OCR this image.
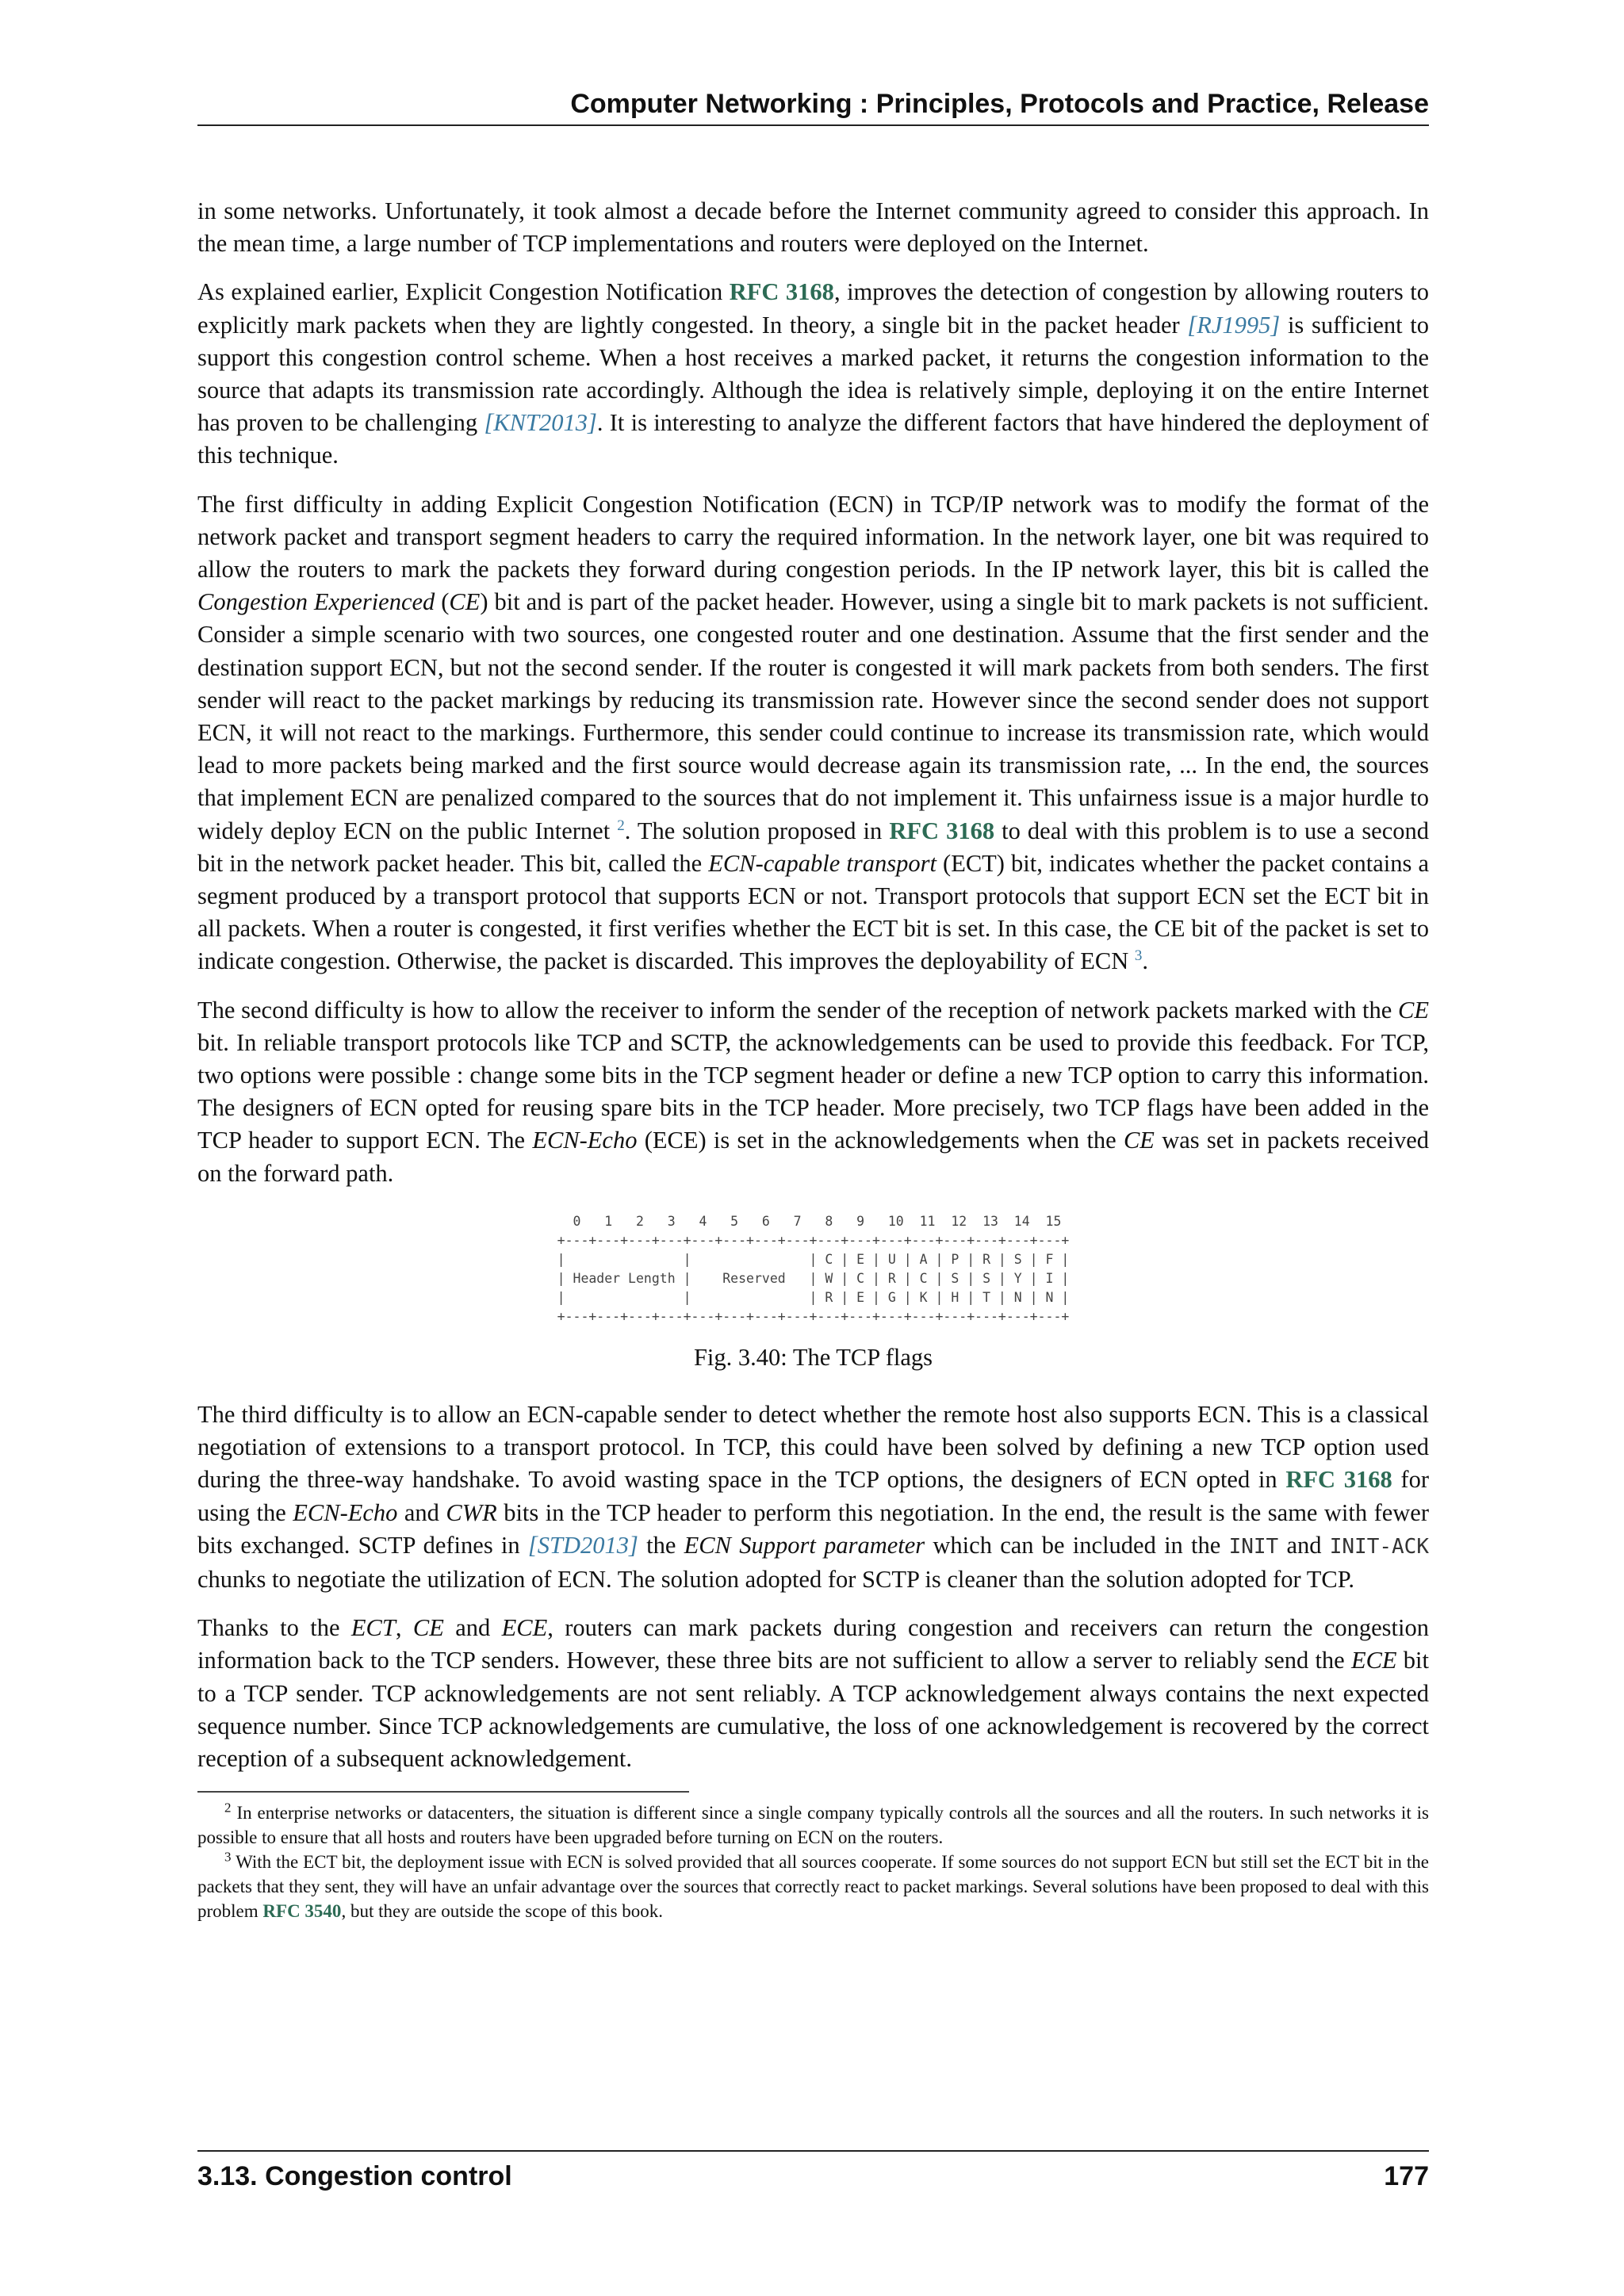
Computer Networking : Principles, Protocols and Practice, Release

in some networks. Unfortunately, it took almost a decade before the Internet community agreed to consider this approach. In the mean time, a large number of TCP implementations and routers were deployed on the Internet.

As explained earlier, Explicit Congestion Notification RFC 3168, improves the detection of congestion by allowing routers to explicitly mark packets when they are lightly congested. In theory, a single bit in the packet header [RJ1995] is sufficient to support this congestion control scheme. When a host receives a marked packet, it returns the congestion information to the source that adapts its transmission rate accordingly. Although the idea is relatively simple, deploying it on the entire Internet has proven to be challenging [KNT2013]. It is interesting to analyze the different factors that have hindered the deployment of this technique.

The first difficulty in adding Explicit Congestion Notification (ECN) in TCP/IP network was to modify the format of the network packet and transport segment headers to carry the required information. In the network layer, one bit was required to allow the routers to mark the packets they forward during congestion periods. In the IP network layer, this bit is called the Congestion Experienced (CE) bit and is part of the packet header. However, using a single bit to mark packets is not sufficient. Consider a simple scenario with two sources, one congested router and one destination. Assume that the first sender and the destination support ECN, but not the second sender. If the router is congested it will mark packets from both senders. The first sender will react to the packet markings by reducing its transmission rate. However since the second sender does not support ECN, it will not react to the markings. Furthermore, this sender could continue to increase its transmission rate, which would lead to more packets being marked and the first source would decrease again its transmission rate, ... In the end, the sources that implement ECN are penalized compared to the sources that do not implement it. This unfairness issue is a major hurdle to widely deploy ECN on the public Internet $^2$. The solution proposed in RFC 3168 to deal with this problem is to use a second bit in the network packet header. This bit, called the ECN-capable transport (ECT) bit, indicates whether the packet contains a segment produced by a transport protocol that supports ECN or not. Transport protocols that support ECN set the ECT bit in all packets. When a router is congested, it first verifies whether the ECT bit is set. In this case, the CE bit of the packet is set to indicate congestion. Otherwise, the packet is discarded. This improves the deployability of ECN $^3$.

The second difficulty is how to allow the receiver to inform the sender of the reception of network packets marked with the CE bit. In reliable transport protocols like TCP and SCTP, the acknowledgements can be used to provide this feedback. For TCP, two options were possible : change some bits in the TCP segment header or define a new TCP option to carry this information. The designers of ECN opted for reusing spare bits in the TCP header. More precisely, two TCP flags have been added in the TCP header to support ECN. The ECN-Echo (ECE) is set in the acknowledgements when the CE was set in packets received on the forward path.

0   1   2   3   4   5   6   7   8   9   10  11  12  13  14  15
+---+---+---+---+---+---+---+---+---+---+---+---+---+---+---+---+
|               |               | C | E | U | A | P | R | S | F |
| Header Length |    Reserved   | W | C | R | C | S | S | Y | I |
|               |               | R | E | G | K | H | T | N | N |
+---+---+---+---+---+---+---+---+---+---+---+---+---+---+---+---+
Fig. 3.40: The TCP flags

The third difficulty is to allow an ECN-capable sender to detect whether the remote host also supports ECN. This is a classical negotiation of extensions to a transport protocol. In TCP, this could have been solved by defining a new TCP option used during the three-way handshake. To avoid wasting space in the TCP options, the designers of ECN opted in RFC 3168 for using the ECN-Echo and CWR bits in the TCP header to perform this negotiation. In the end, the result is the same with fewer bits exchanged. SCTP defines in [STD2013] the ECN Support parameter which can be included in the INIT and INIT-ACK chunks to negotiate the utilization of ECN. The solution adopted for SCTP is cleaner than the solution adopted for TCP.

Thanks to the ECT, CE and ECE, routers can mark packets during congestion and receivers can return the congestion information back to the TCP senders. However, these three bits are not sufficient to allow a server to reliably send the ECE bit to a TCP sender. TCP acknowledgements are not sent reliably. A TCP acknowledgement always contains the next expected sequence number. Since TCP acknowledgements are cumulative, the loss of one acknowledgement is recovered by the correct reception of a subsequent acknowledgement.

$^2$ In enterprise networks or datacenters, the situation is different since a single company typically controls all the sources and all the routers. In such networks it is possible to ensure that all hosts and routers have been upgraded before turning on ECN on the routers.

$^3$ With the ECT bit, the deployment issue with ECN is solved provided that all sources cooperate. If some sources do not support ECN but still set the ECT bit in the packets that they sent, they will have an unfair advantage over the sources that correctly react to packet markings. Several solutions have been proposed to deal with this problem RFC 3540, but they are outside the scope of this book.

3.13. Congestion control	177
